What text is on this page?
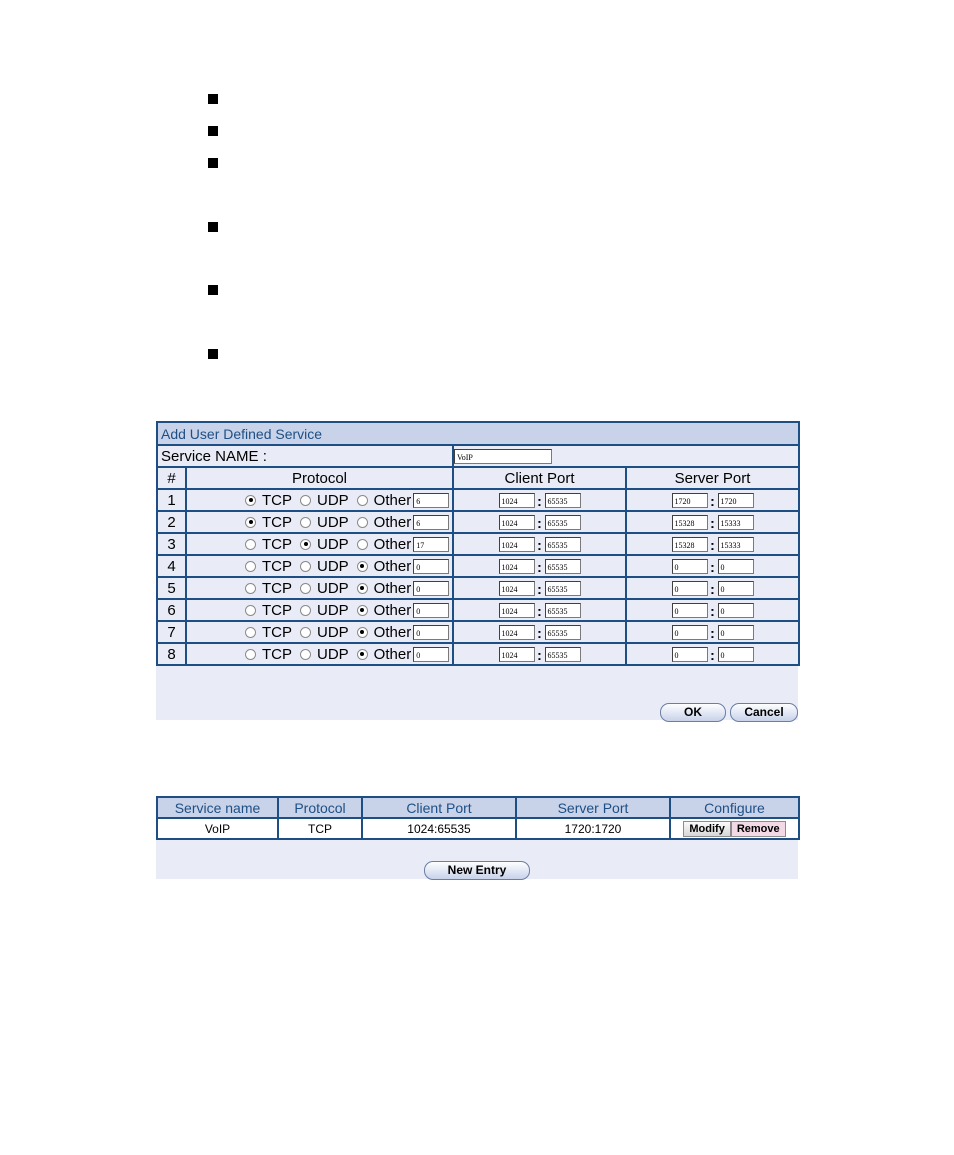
Add User Defined Service			
Service NAME :		VoIP	
#	Protocol	Client Port	Server Port
1	TCP UDP Other 6	1024 : 65535	1720 : 1720
2	TCP UDP Other 6	1024 : 65535	15328 : 15333
3	TCP UDP Other 17	1024 : 65535	15328 : 15333
4	TCP UDP Other 0	1024 : 65535	0 : 0
5	TCP UDP Other 0	1024 : 65535	0 : 0
6	TCP UDP Other 0	1024 : 65535	0 : 0
7	TCP UDP Other 0	1024 : 65535	0 : 0
8	TCP UDP Other 0	1024 : 65535	0 : 0
OK	Cancel
Service name	Protocol	Client Port	Server Port	Configure
VoIP	TCP	1024:65535	1720:1720	Modify Remove
New Entry
